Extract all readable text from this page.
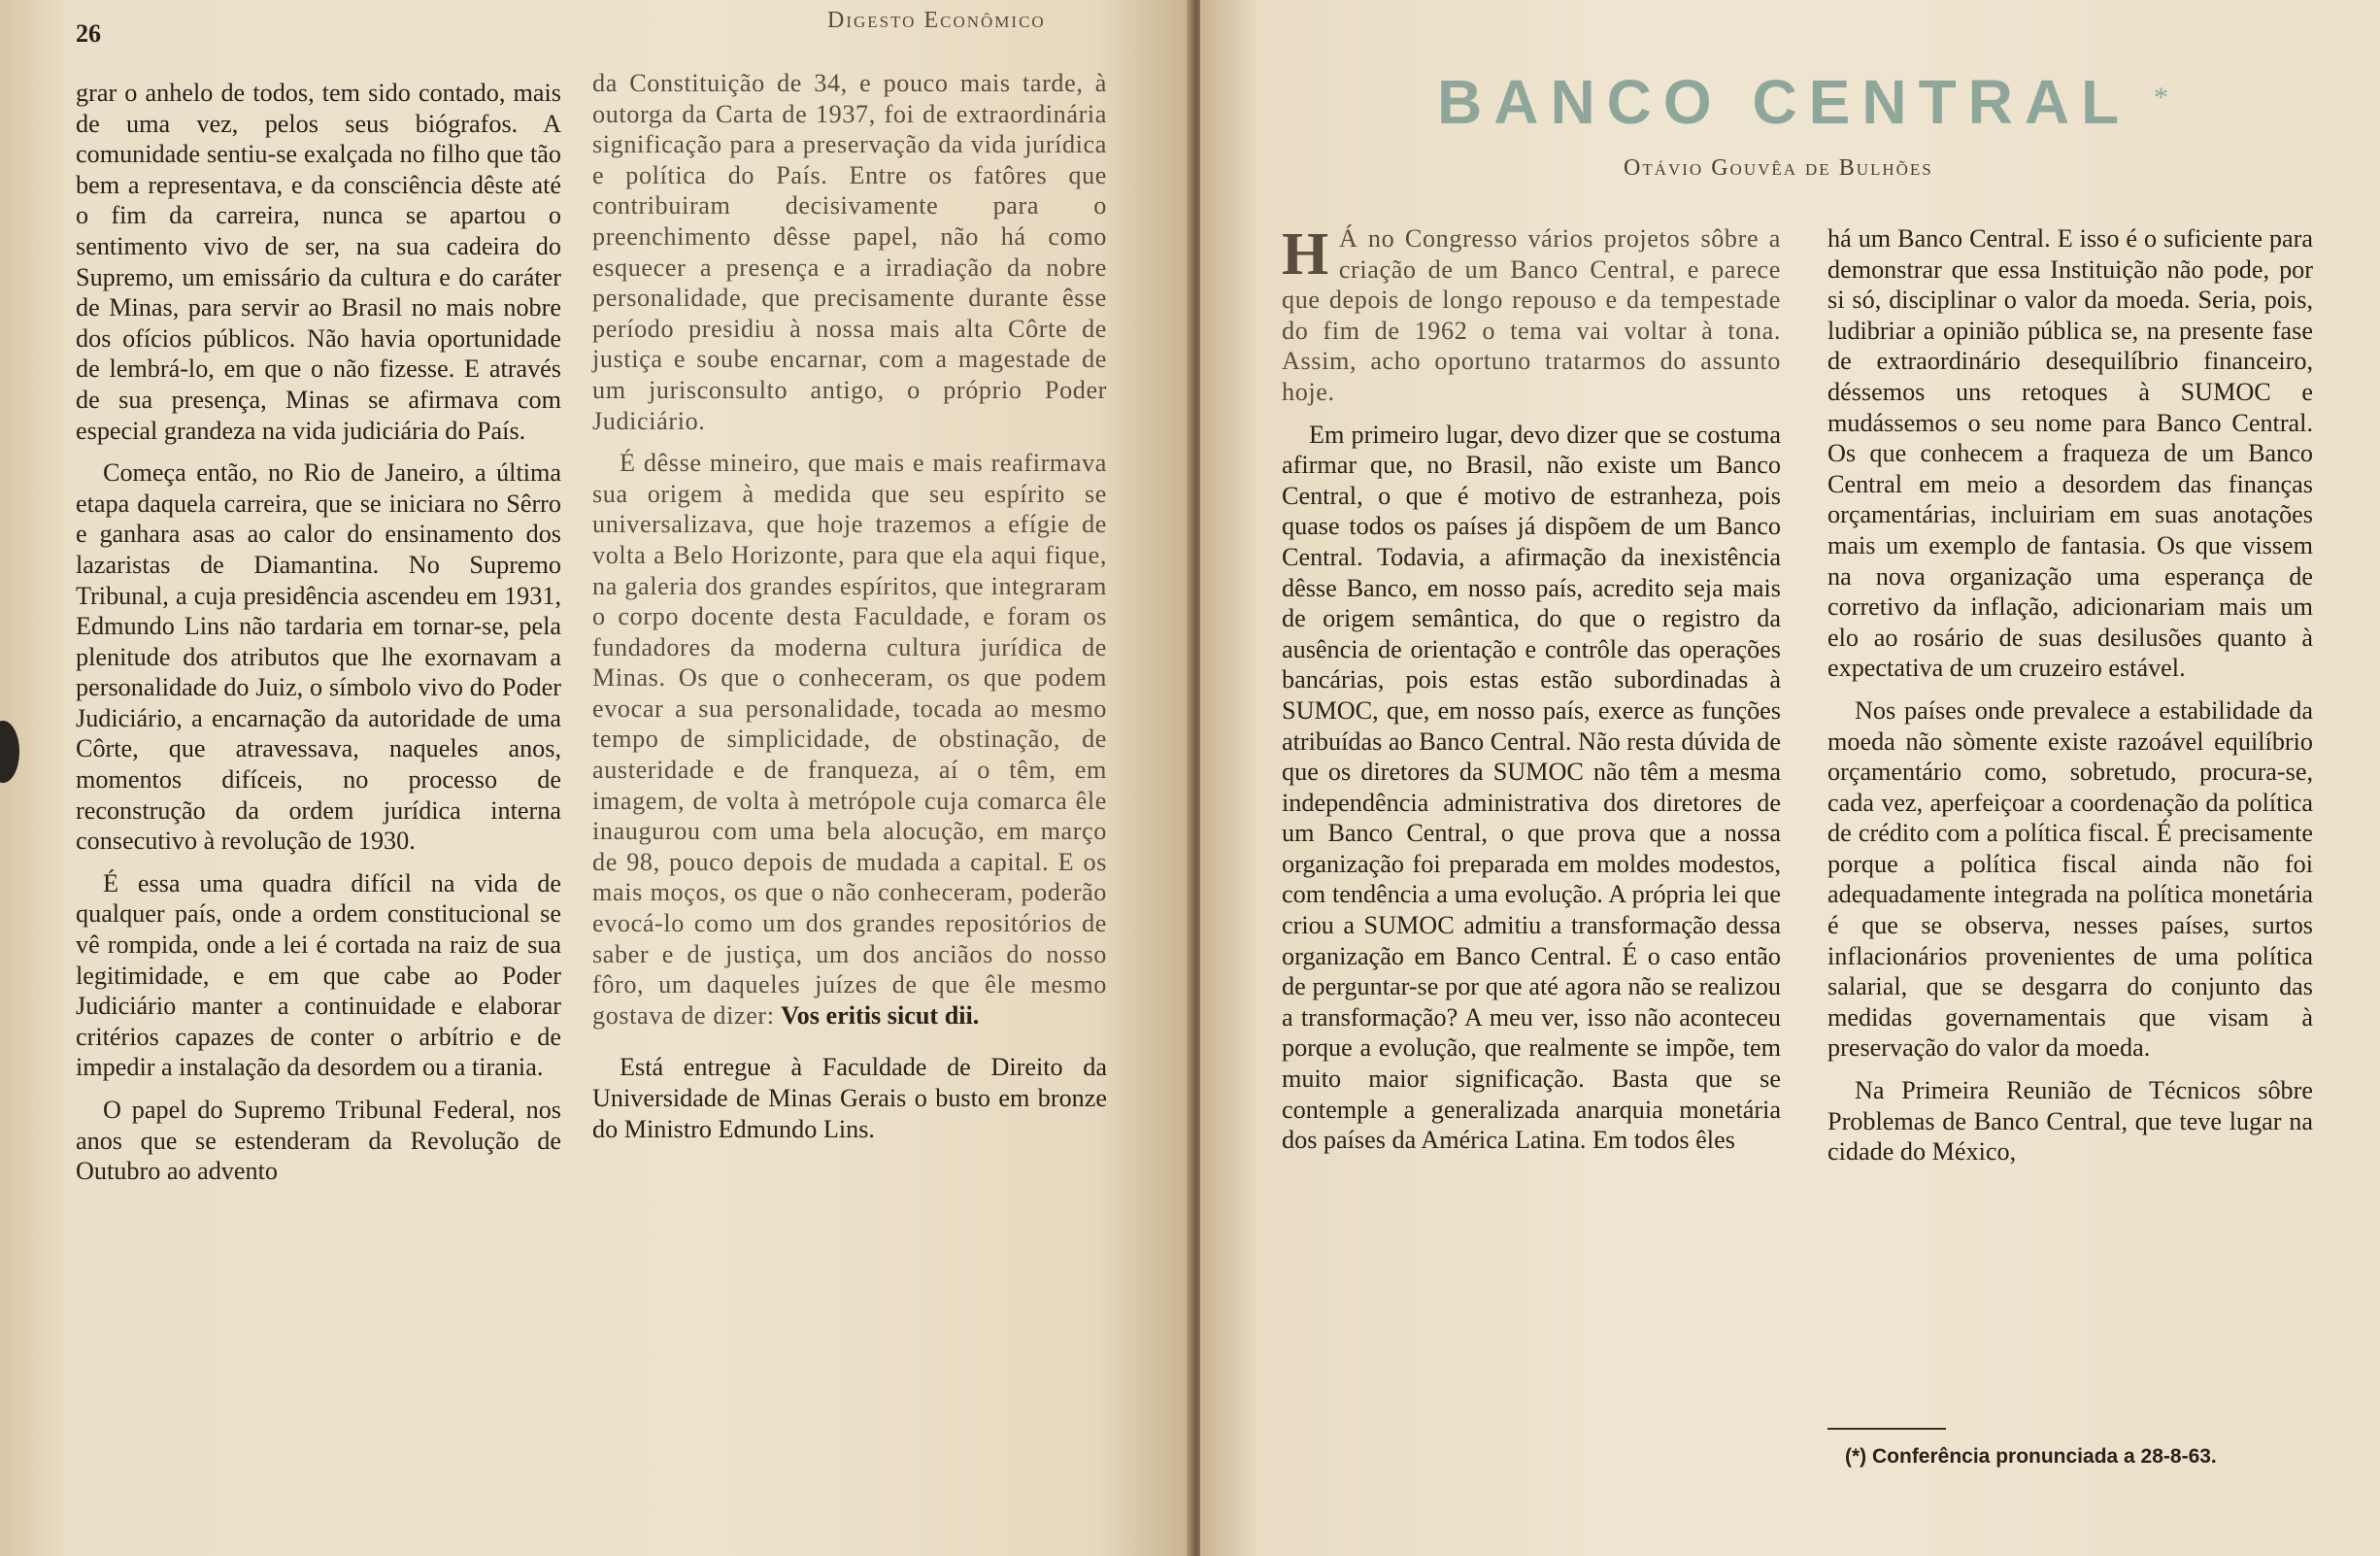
26	Digesto Econômico

grar o anhelo de todos, tem sido contado, mais de uma vez, pelos seus biógrafos. A comunidade sentiu-se exalçada no filho que tão bem a representava, e da consciência dêste até o fim da carreira, nunca se apartou o sentimento vivo de ser, na sua cadeira do Supremo, um emissário da cultura e do caráter de Minas, para servir ao Brasil no mais nobre dos ofícios públicos. Não havia oportunidade de lembrá-lo, em que o não fizesse. E através de sua presença, Minas se afirmava com especial grandeza na vida judiciária do País.

Começa então, no Rio de Janeiro, a última etapa daquela carreira, que se iniciara no Sêrro e ganhara asas ao calor do ensinamento dos lazaristas de Diamantina. No Supremo Tribunal, a cuja presidência ascendeu em 1931, Edmundo Lins não tardaria em tornar-se, pela plenitude dos atributos que lhe exornavam a personalidade do Juiz, o símbolo vivo do Poder Judiciário, a encarnação da autoridade de uma Côrte, que atravessava, naqueles anos, momentos difíceis, no processo de reconstrução da ordem jurídica interna consecutivo à revolução de 1930.

É essa uma quadra difícil na vida de qualquer país, onde a ordem constitucional se vê rompida, onde a lei é cortada na raiz de sua legitimidade, e em que cabe ao Poder Judiciário manter a continuidade e elaborar critérios capazes de conter o arbítrio e de impedir a instalação da desordem ou a tirania.

O papel do Supremo Tribunal Federal, nos anos que se estenderam da Revolução de Outubro ao advento

da Constituição de 34, e pouco mais tarde, à outorga da Carta de 1937, foi de extraordinária significação para a preservação da vida jurídica e política do País. Entre os fatôres que contribuiram decisivamente para o preenchimento dêsse papel, não há como esquecer a presença e a irradiação da nobre personalidade, que precisamente durante êsse período presidiu à nossa mais alta Côrte de justiça e soube encarnar, com a magestade de um jurisconsulto antigo, o próprio Poder Judiciário.

É dêsse mineiro, que mais e mais reafirmava sua origem à medida que seu espírito se universalizava, que hoje trazemos a efígie de volta a Belo Horizonte, para que ela aqui fique, na galeria dos grandes espíritos, que integraram o corpo docente desta Faculdade, e foram os fundadores da moderna cultura jurídica de Minas. Os que o conheceram, os que podem evocar a sua personalidade, tocada ao mesmo tempo de simplicidade, de obstinação, de austeridade e de franqueza, aí o têm, em imagem, de volta à metrópole cuja comarca êle inaugurou com uma bela alocução, em março de 98, pouco depois de mudada a capital. E os mais moços, os que o não conheceram, poderão evocá-lo como um dos grandes repositórios de saber e de justiça, um dos anciãos do nosso fôro, um daqueles juízes de que êle mesmo gostava de dizer: Vos eritis sicut dii.

Está entregue à Faculdade de Direito da Universidade de Minas Gerais o busto em bronze do Ministro Edmundo Lins.

BANCO CENTRAL *
Otávio Gouvêa de Bulhões

H Á no Congresso vários projetos sôbre a criação de um Banco Central, e parece que depois de longo repouso e da tempestade do fim de 1962 o tema vai voltar à tona. Assim, acho oportuno tratarmos do assunto hoje.

Em primeiro lugar, devo dizer que se costuma afirmar que, no Brasil, não existe um Banco Central, o que é motivo de estranheza, pois quase todos os países já dispõem de um Banco Central. Todavia, a afirmação da inexistência dêsse Banco, em nosso país, acredito seja mais de origem semântica, do que o registro da ausência de orientação e contrôle das operações bancárias, pois estas estão subordinadas à SUMOC, que, em nosso país, exerce as funções atribuídas ao Banco Central. Não resta dúvida de que os diretores da SUMOC não têm a mesma independência administrativa dos diretores de um Banco Central, o que prova que a nossa organização foi preparada em moldes modestos, com tendência a uma evolução. A própria lei que criou a SUMOC admitiu a transformação dessa organização em Banco Central. É o caso então de perguntar-se por que até agora não se realizou a transformação? A meu ver, isso não aconteceu porque a evolução, que realmente se impõe, tem muito maior significação. Basta que se contemple a generalizada anarquia monetária dos países da América Latina. Em todos êles

há um Banco Central. E isso é o suficiente para demonstrar que essa Instituição não pode, por si só, disciplinar o valor da moeda. Seria, pois, ludibriar a opinião pública se, na presente fase de extraordinário desequilíbrio financeiro, déssemos uns retoques à SUMOC e mudássemos o seu nome para Banco Central. Os que conhecem a fraqueza de um Banco Central em meio a desordem das finanças orçamentárias, incluiriam em suas anotações mais um exemplo de fantasia. Os que vissem na nova organização uma esperança de corretivo da inflação, adicionariam mais um elo ao rosário de suas desilusões quanto à expectativa de um cruzeiro estável.

Nos países onde prevalece a estabilidade da moeda não sòmente existe razoável equilíbrio orçamentário como, sobretudo, procura-se, cada vez, aperfeiçoar a coordenação da política de crédito com a política fiscal. É precisamente porque a política fiscal ainda não foi adequadamente integrada na política monetária é que se observa, nesses países, surtos inflacionários provenientes de uma política salarial, que se desgarra do conjunto das medidas governamentais que visam à preservação do valor da moeda.

Na Primeira Reunião de Técnicos sôbre Problemas de Banco Central, que teve lugar na cidade do México,

(*) Conferência pronunciada a 28-8-63.
